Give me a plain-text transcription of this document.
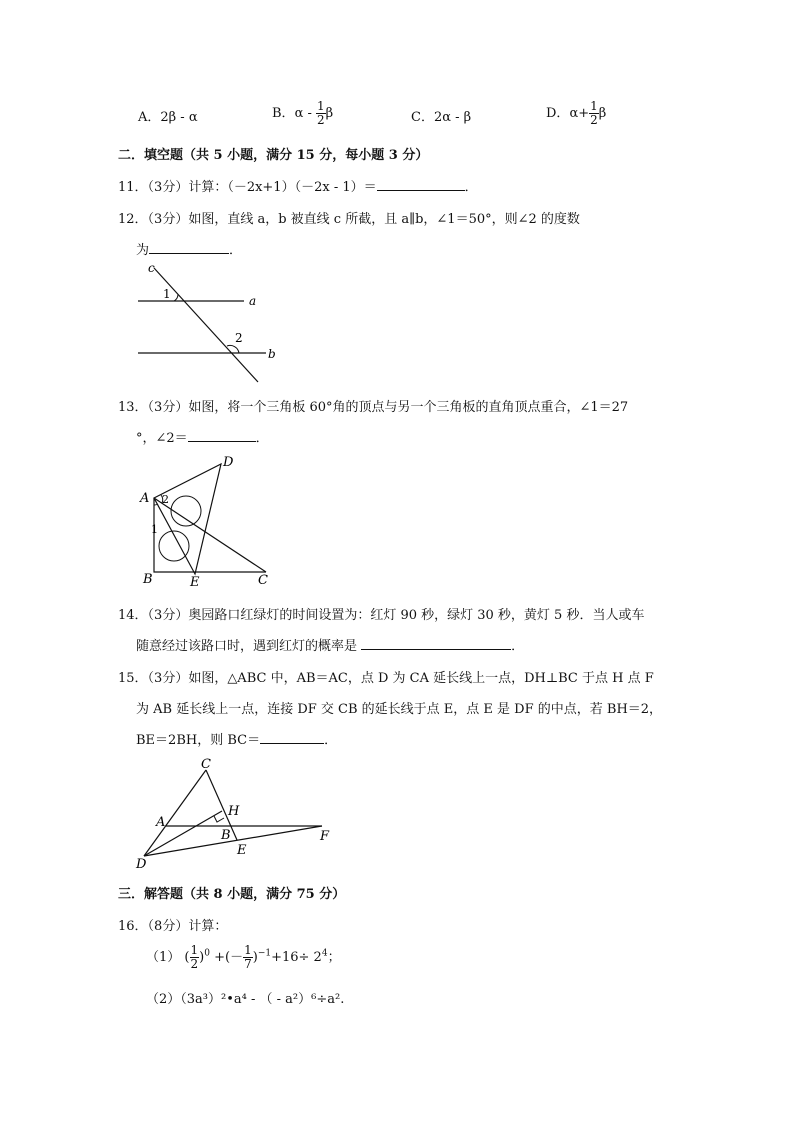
A．2β - α	B．α - $\frac{1}{2}$ β	C．2α - β	D．$\alpha+ \frac{1}{2}$ β
二．填空题（共 5 小题，满分 15 分，每小题 3 分）
11．（3分）计算：（－2x+1）（－2x - 1）＝	．
12．（3分）如图，直线 a，b 被直线 c 所截，且 a∥b，∠1＝50°，则∠2 的度数
为	．
c
1	a
2
b
13．（3分）如图，将一个三角板 60°角的顶点与另一个三角板的直角顶点重合，∠1＝27
°，∠2＝	．
A
D
2
1
B	E	C
14．（3分）奥园路口红绿灯的时间设置为：红灯 90 秒，绿灯 30 秒，黄灯 5 秒．当人或车
随意经过该路口时，遇到红灯的概率是	．
15．（3分）如图，△ABC 中，AB＝AC，点 D 为 CA 延长线上一点，DH⊥BC 于点 H 点 F
为 AB 延长线上一点，连接 DF 交 CB 的延长线于点 E，点 E 是 DF 的中点，若 BH＝2，
BE＝2BH，则 BC＝	．
C
H
A
B
E
F
D
三．解答题（共 8 小题，满分 75 分）
16．（8分）计算：
（1） ( $\frac{1}{2} )^0$ +(－ $\frac{1}{7} )^{-1}+16\div 2^4$；
（2）（3a³）²•a⁴ - （ - a²）⁶÷a².
